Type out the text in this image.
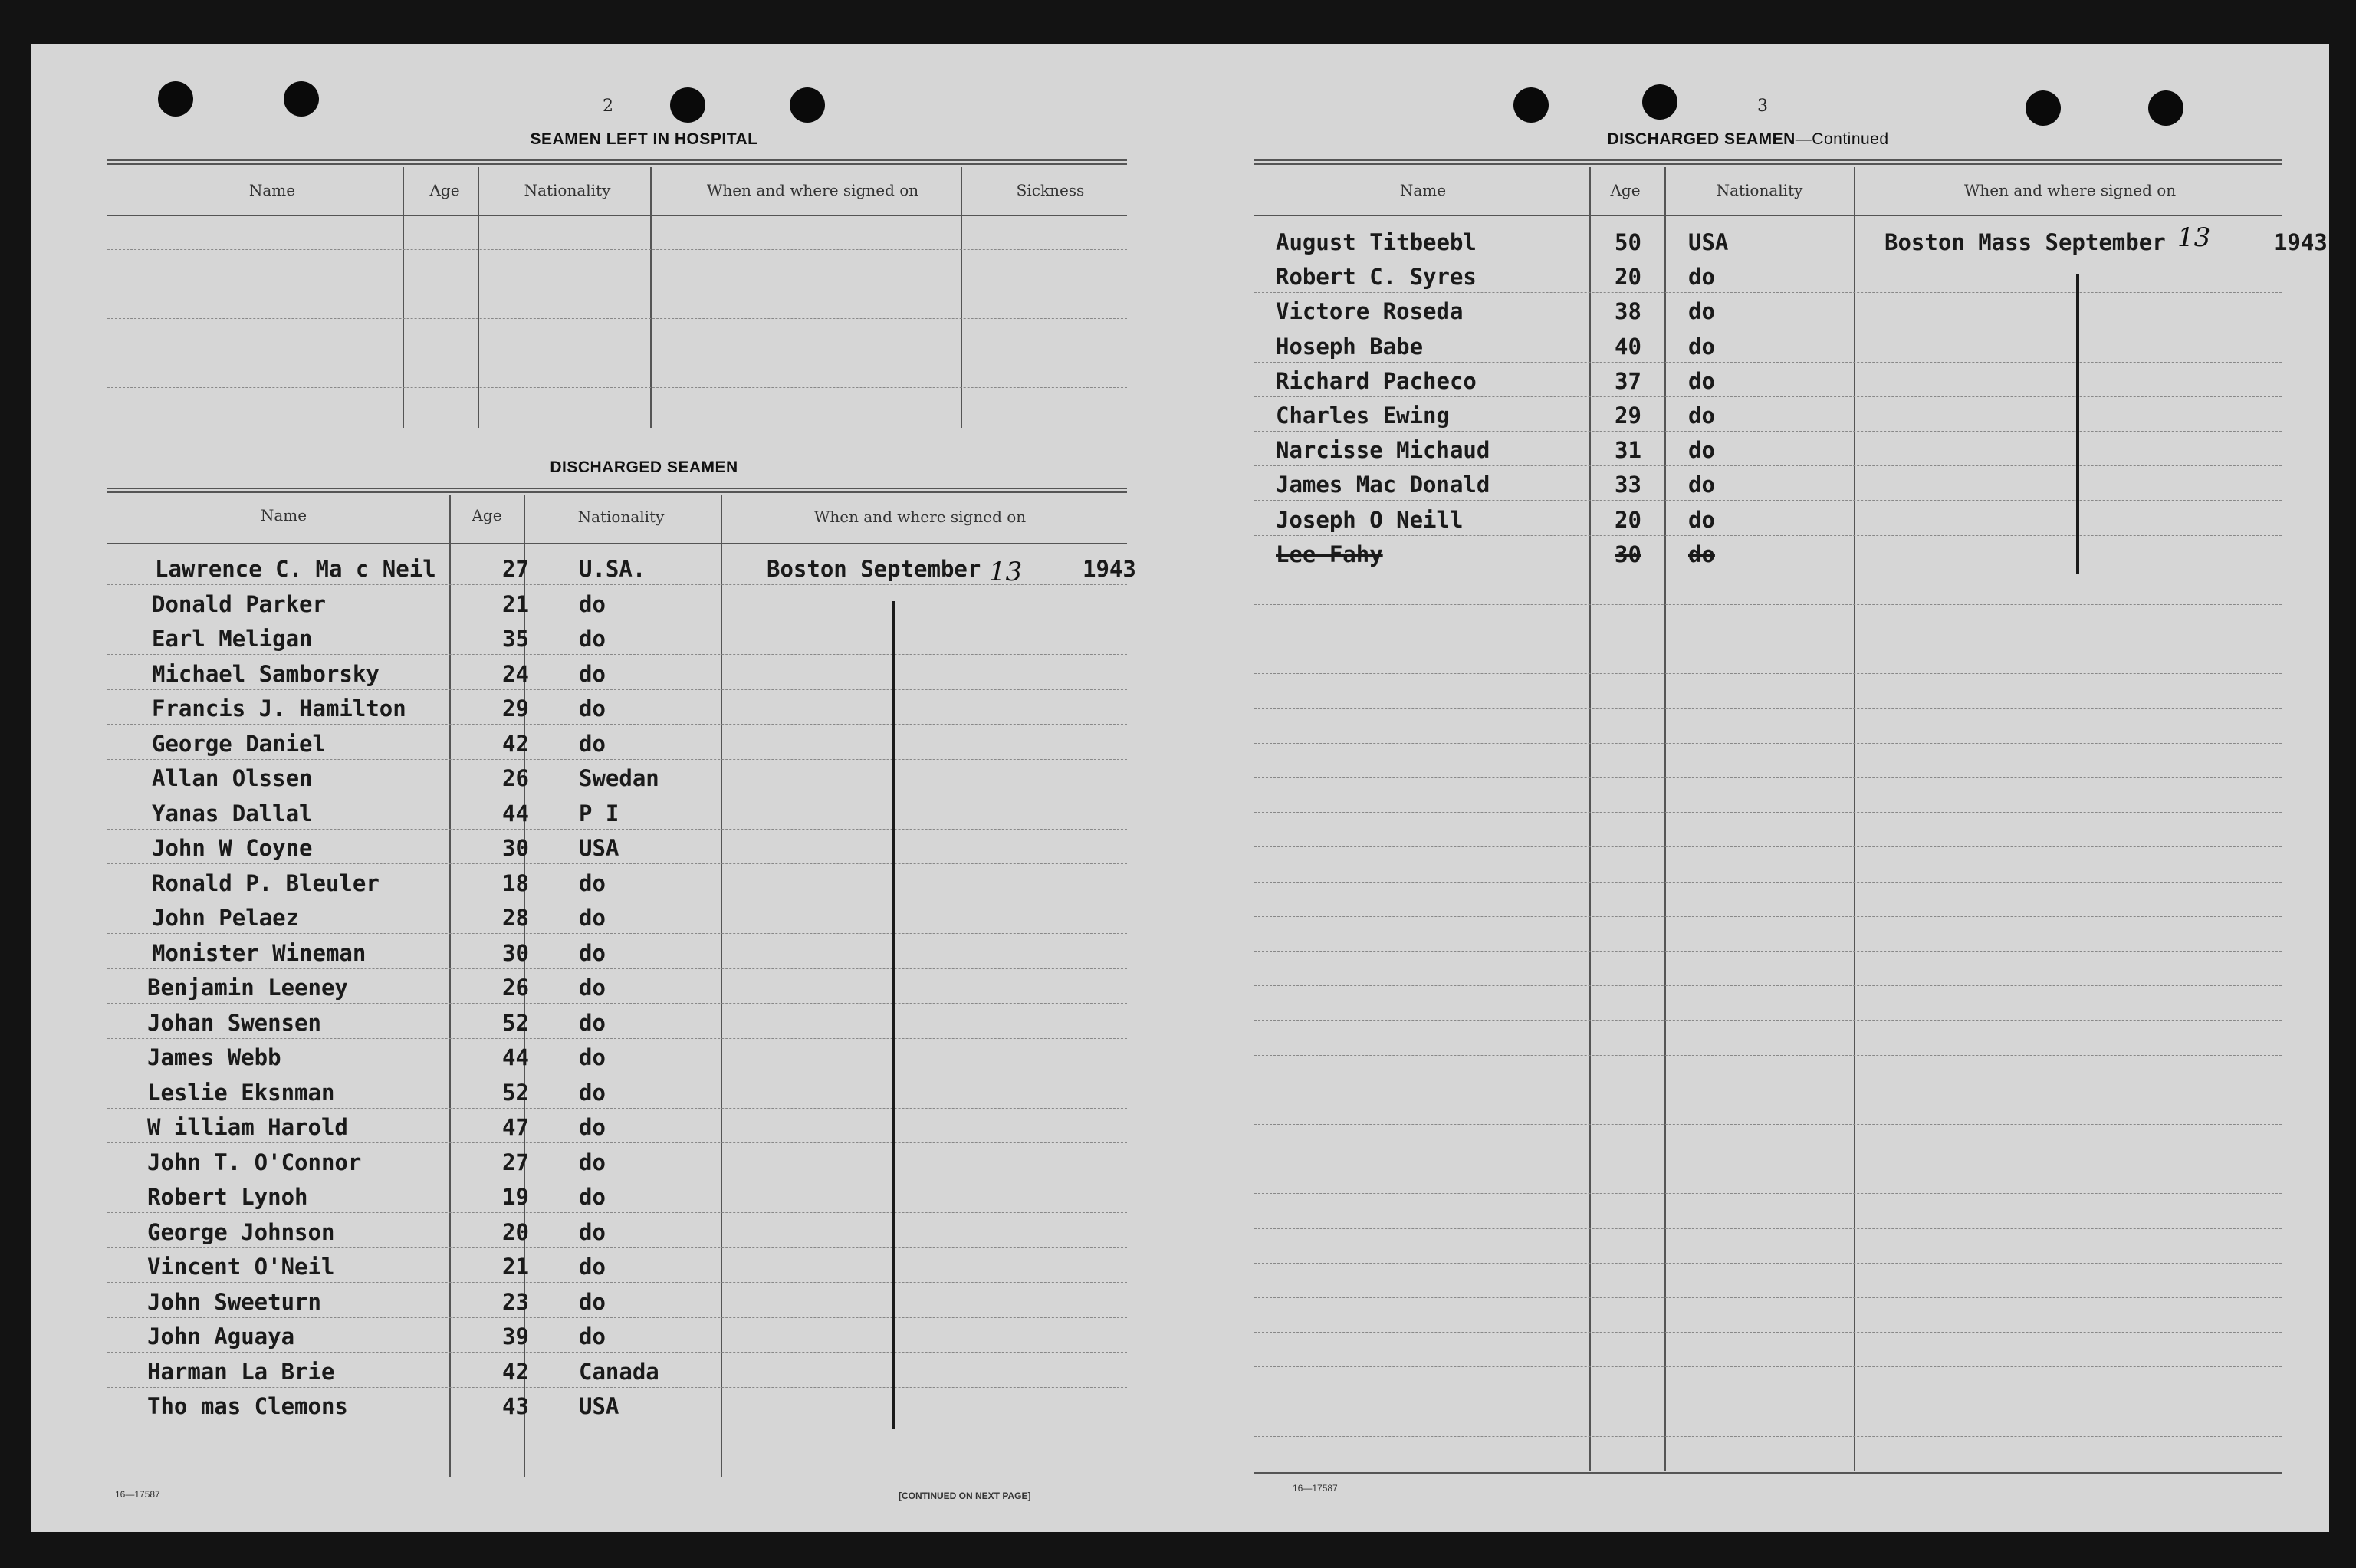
2
SEAMEN LEFT IN HOSPITAL
Name	Age	Nationality	When and where signed on	Sickness
DISCHARGED SEAMEN
Name	Age	Nationality	When and where signed on
Lawrence C. Ma c Neil	27 U.SA.	Boston September	1943
Donald Parker	21 do
Earl Meligan	35 do
Michael Samborsky	24 do
Francis J. Hamilton	29 do
George Daniel	42 do
Allan Olssen	26 Swedan
Yanas Dallal	44 P I
John W Coyne	30 USA
Ronald P. Bleuler	18 do
John Pelaez	28 do
Monister Wineman	30 do
Benjamin Leeney	26 do
Johan Swensen	52 do
James Webb	44 do
Leslie Eksnman	52 do
W illiam Harold	47 do
John T. O'Connor	27 do
Robert Lynoh	19 do
George Johnson	20 do
Vincent O'Neil	21 do
John Sweeturn	23 do
John Aguaya	39 do
Harman La Brie	42 Canada
Tho mas Clemons	43 USA
13
16—17587	[CONTINUED ON NEXT PAGE]
3
DISCHARGED SEAMEN—Continued
Name	Age	Nationality	When and where signed on
August Titbeebl	50 USA	Boston Mass September	1943
Robert C. Syres	20 do
Victore Roseda	38 do
Hoseph Babe	40 do
Richard Pacheco	37 do
Charles Ewing	29 do
Narcisse Michaud	31 do
James Mac Donald	33 do
Joseph O Neill	20 do
Lee Fahy	30 do
13
16—17587
